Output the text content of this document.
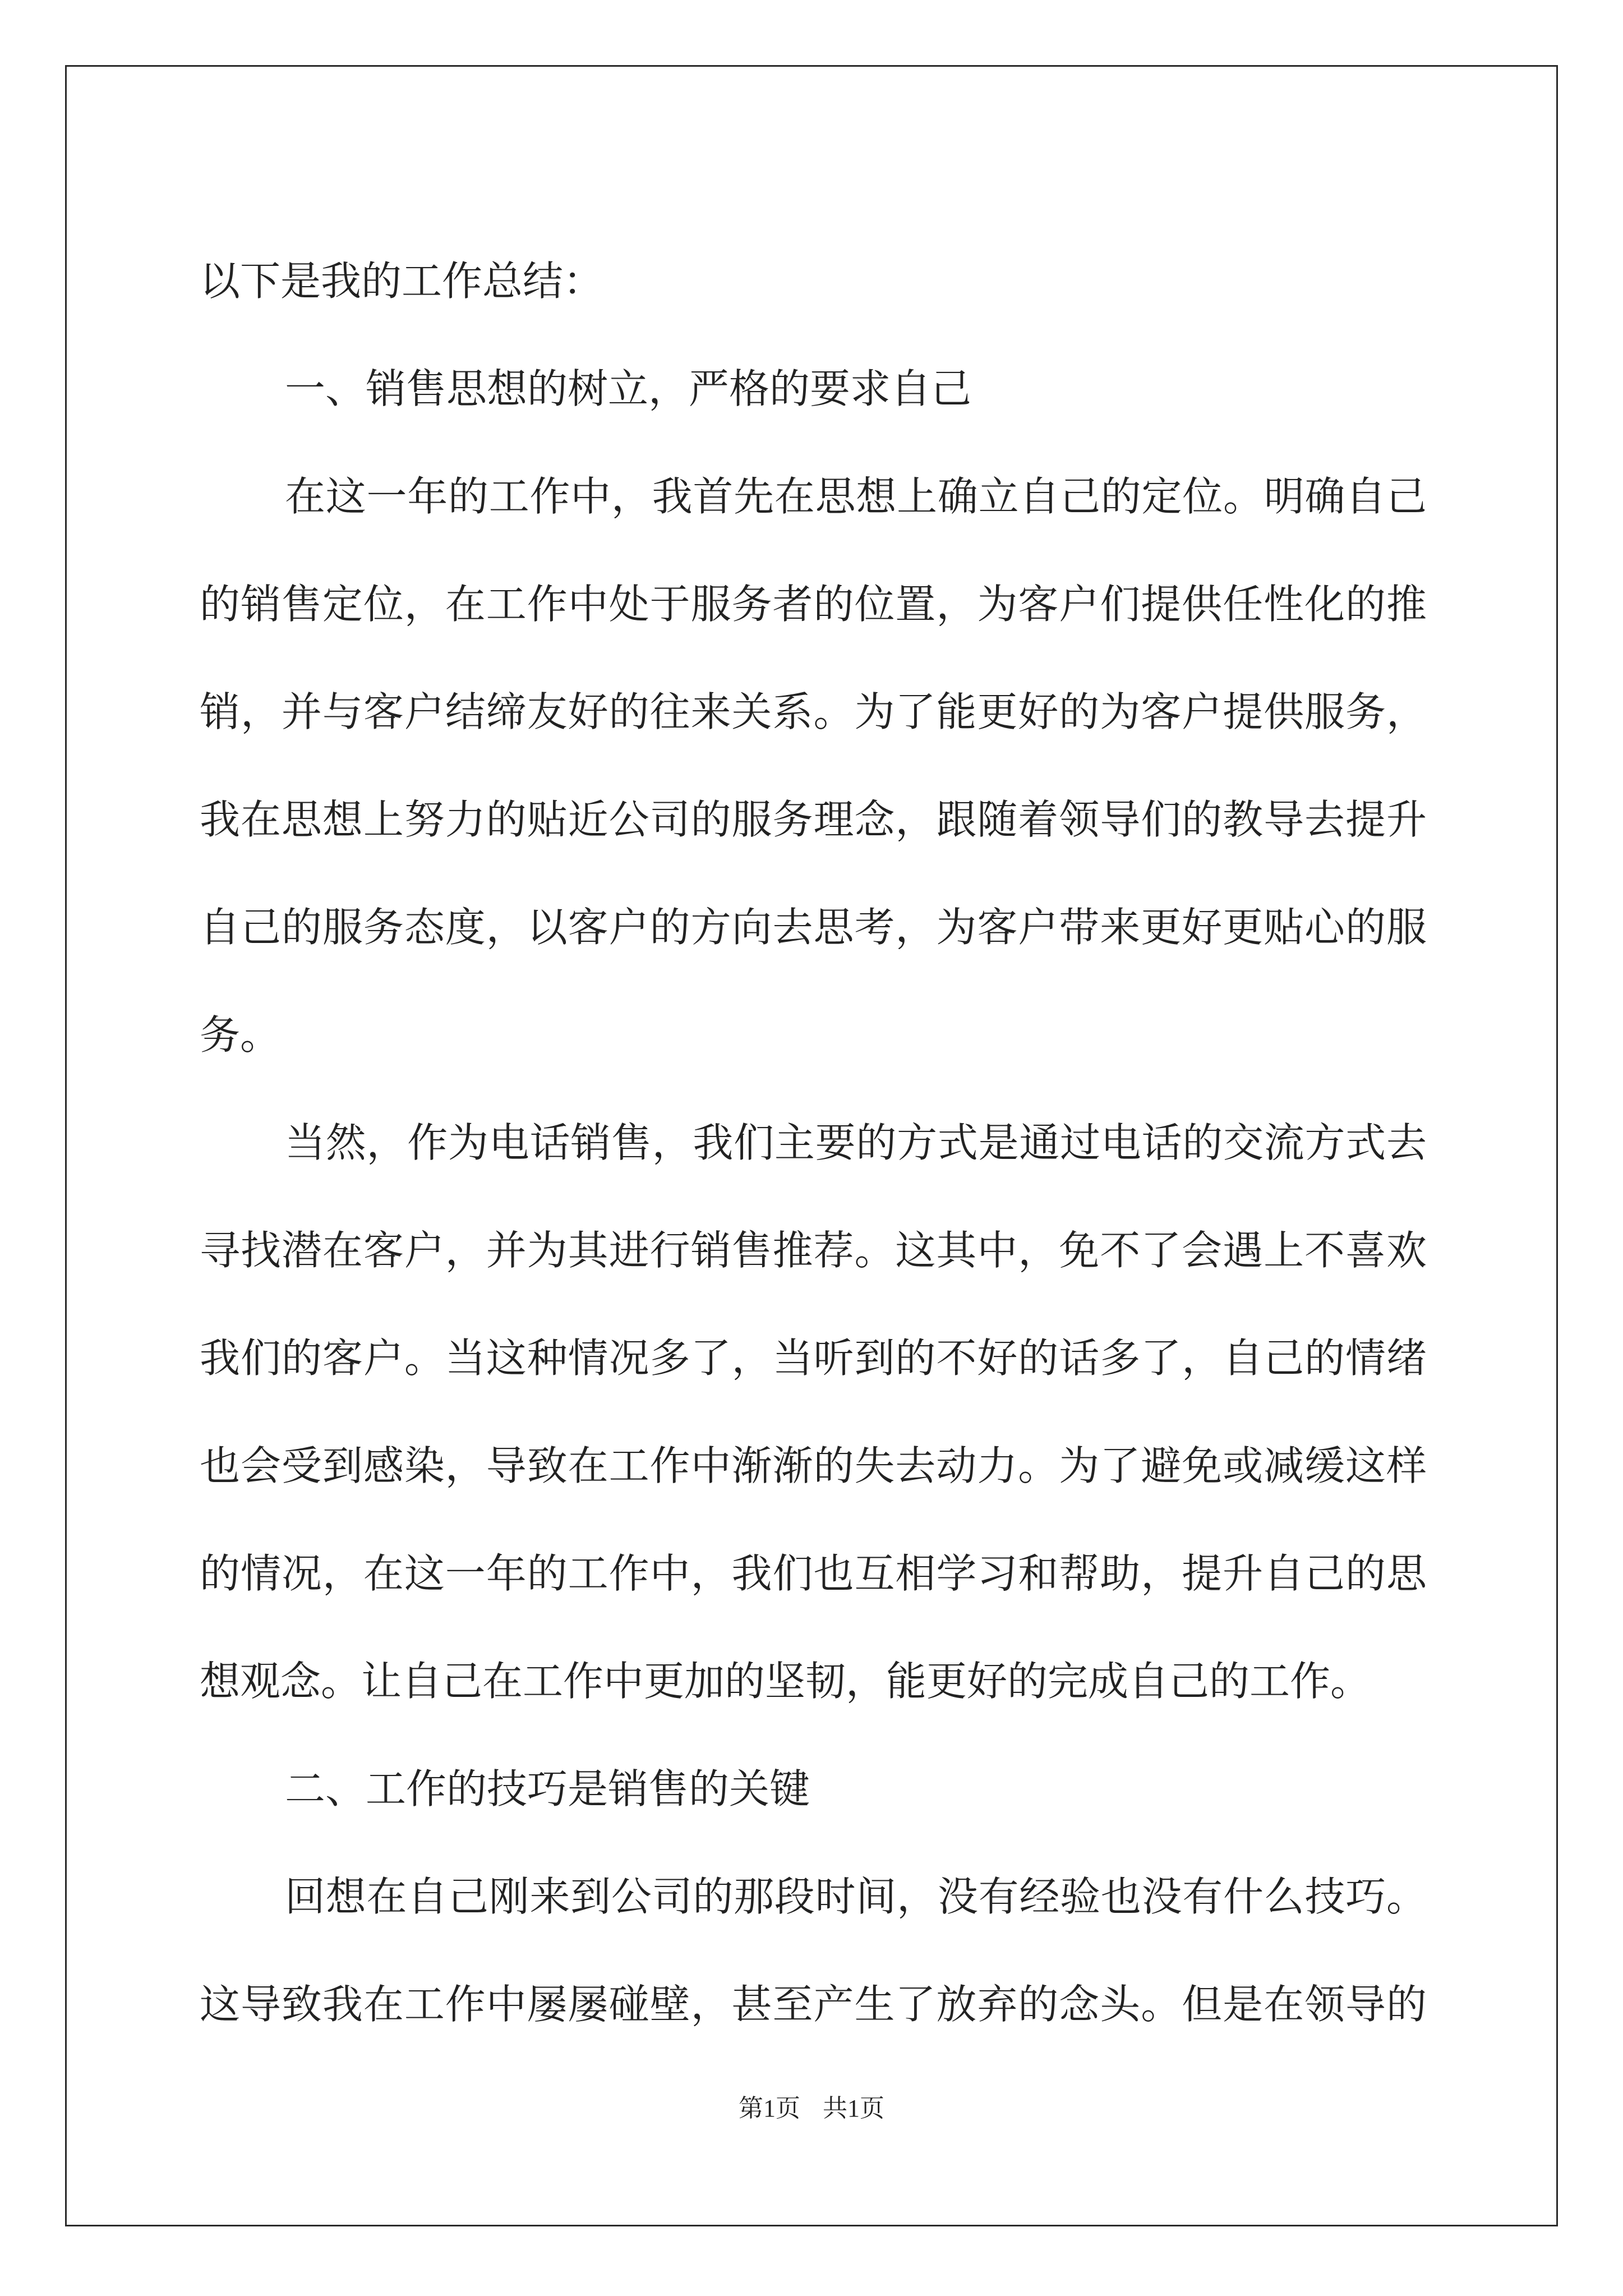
以下是我的工作总结：
一、销售思想的树立，严格的要求自己
在这一年的工作中，我首先在思想上确立自己的定位。明确自己
的销售定位，在工作中处于服务者的位置，为客户们提供任性化的推
销，并与客户结缔友好的往来关系。为了能更好的为客户提供服务，
我在思想上努力的贴近公司的服务理念，跟随着领导们的教导去提升
自己的服务态度，以客户的方向去思考，为客户带来更好更贴心的服
务。
当然，作为电话销售，我们主要的方式是通过电话的交流方式去
寻找潜在客户，并为其进行销售推荐。这其中，免不了会遇上不喜欢
我们的客户。当这种情况多了，当听到的不好的话多了，自己的情绪
也会受到感染，导致在工作中渐渐的失去动力。为了避免或减缓这样
的情况，在这一年的工作中，我们也互相学习和帮助，提升自己的思
想观念。让自己在工作中更加的坚韧，能更好的完成自己的工作。
二、工作的技巧是销售的关键
回想在自己刚来到公司的那段时间，没有经验也没有什么技巧。
这导致我在工作中屡屡碰壁，甚至产生了放弃的念头。但是在领导的
第1页 共1页
